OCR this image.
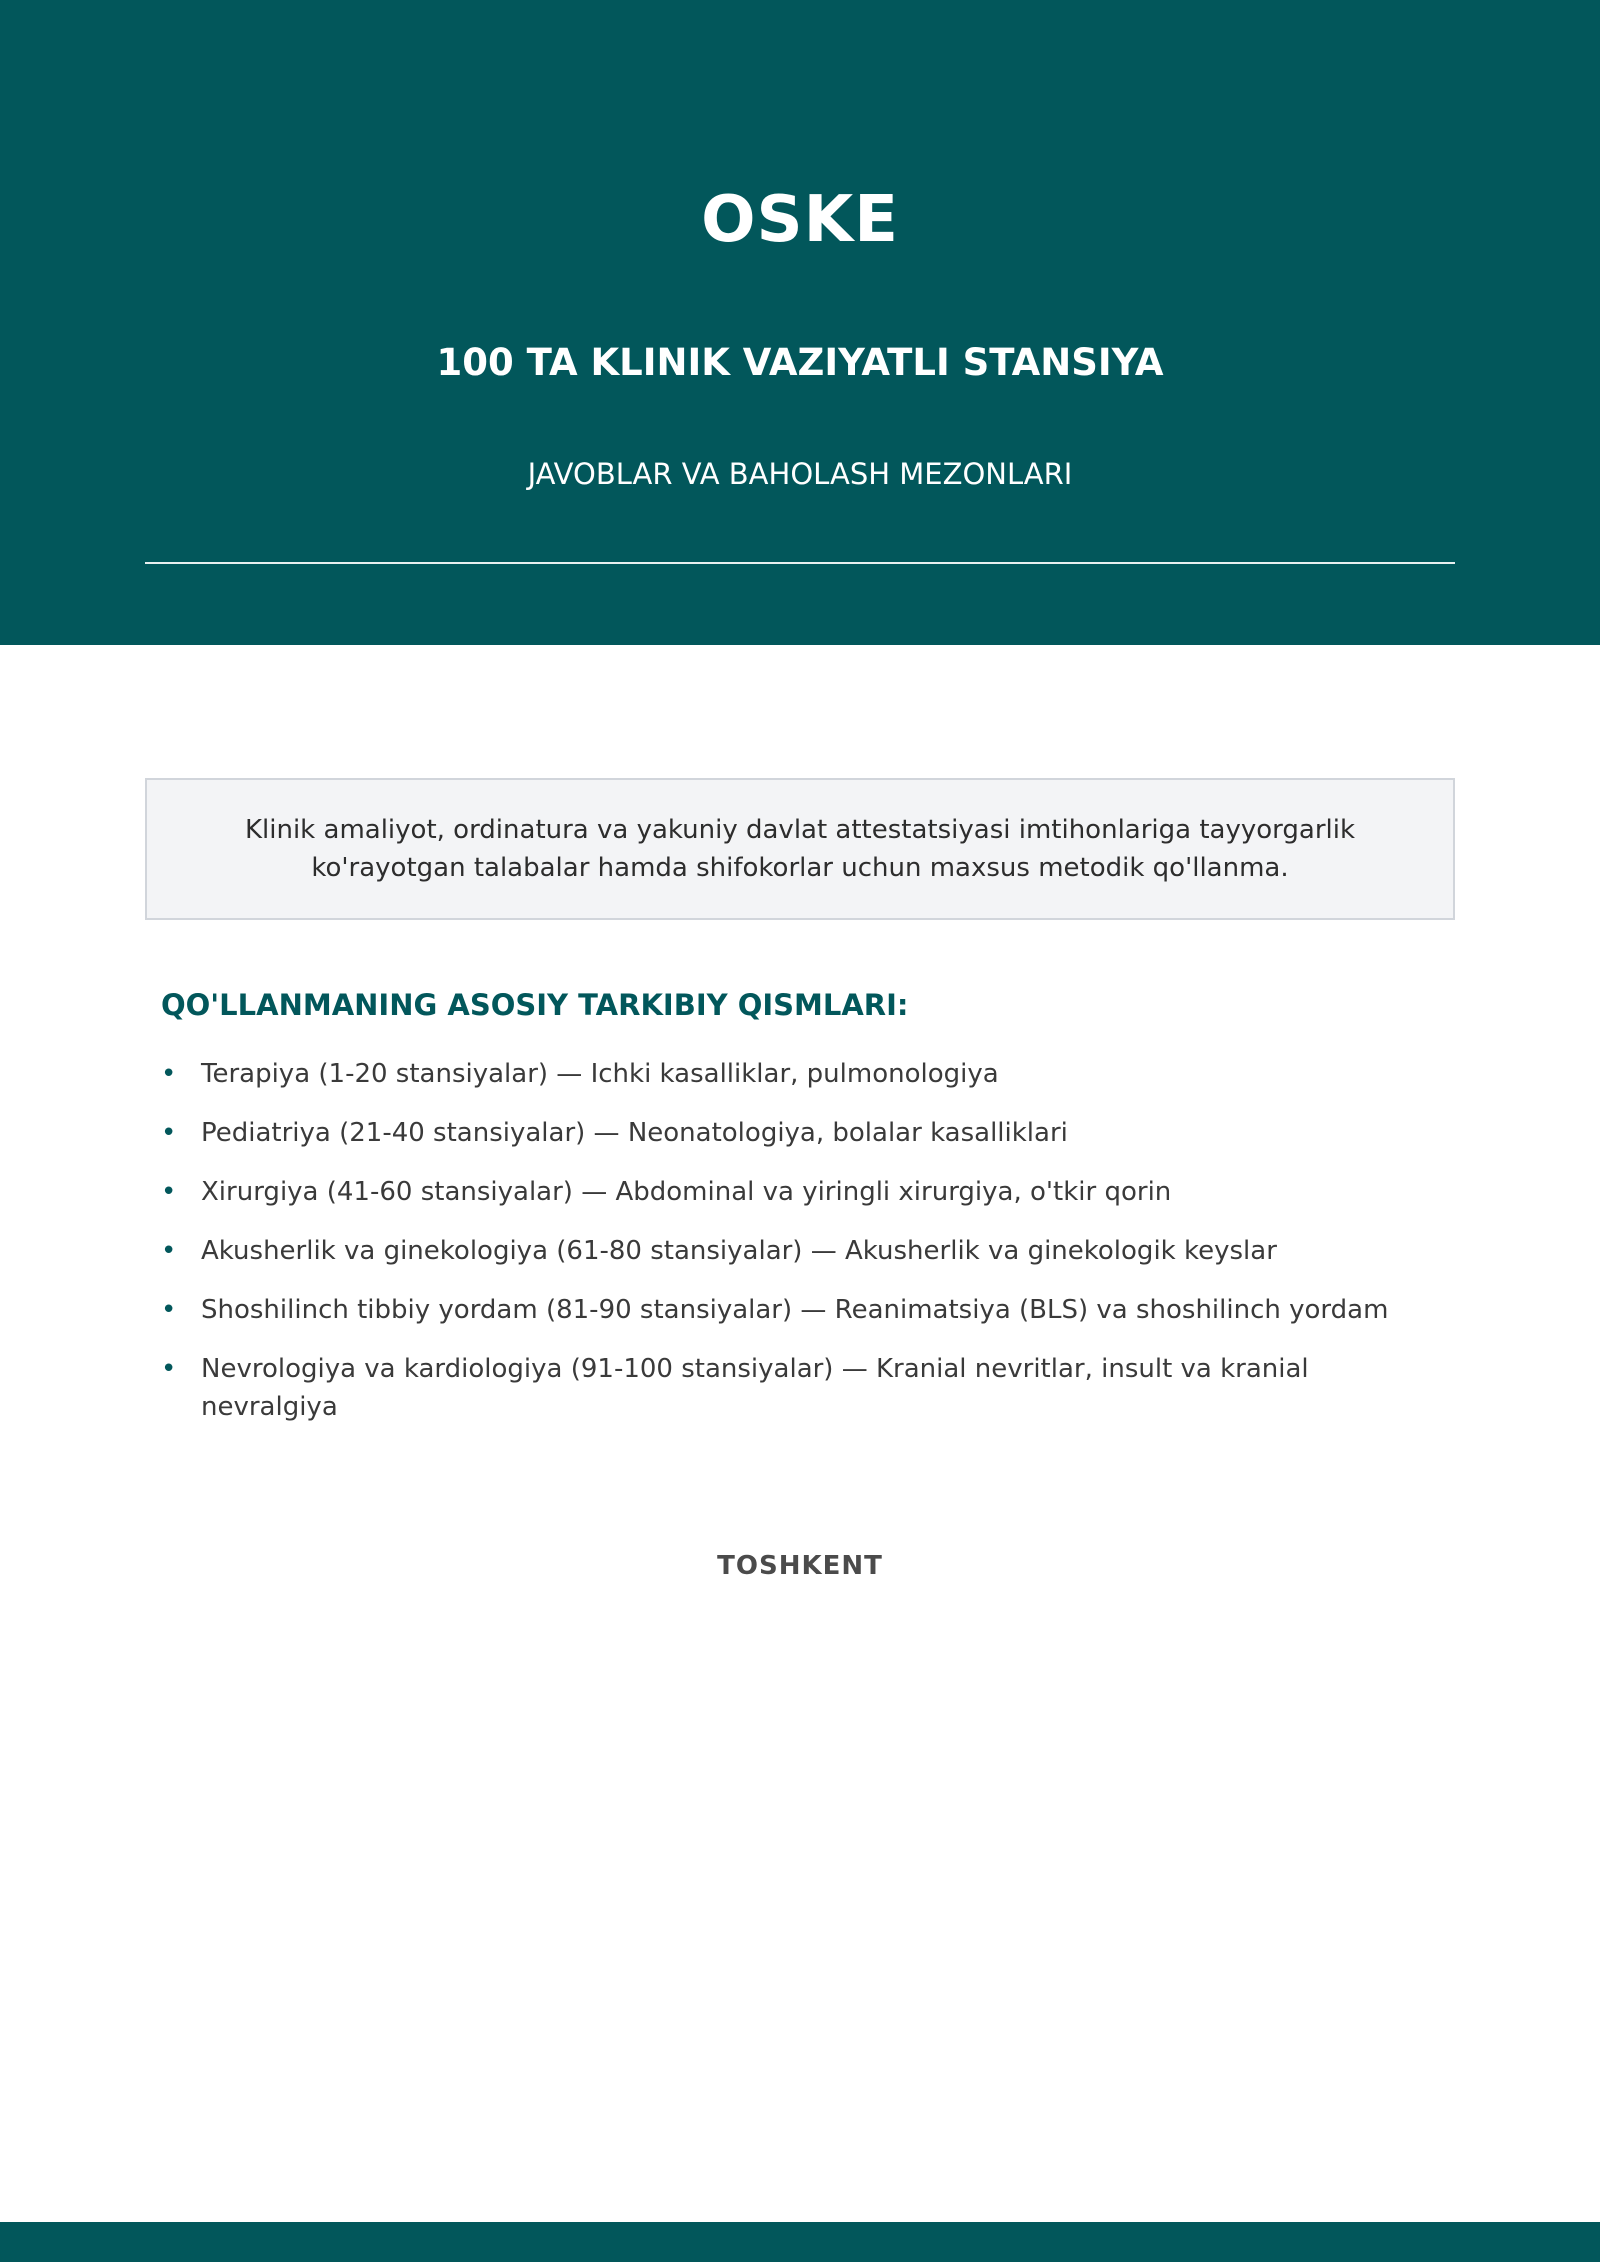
OSKE
100 TA KLINIK VAZIYATLI STANSIYA
JAVOBLAR VA BAHOLASH MEZONLARI
Klinik amaliyot, ordinatura va yakuniy davlat attestatsiyasi imtihonlariga tayyorgarlik ko'rayotgan talabalar hamda shifokorlar uchun maxsus metodik qo'llanma.
QO'LLANMANING ASOSIY TARKIBIY QISMLARI:
• Terapiya (1-20 stansiyalar) — Ichki kasalliklar, pulmonologiya
• Pediatriya (21-40 stansiyalar) — Neonatologiya, bolalar kasalliklari
• Xirurgiya (41-60 stansiyalar) — Abdominal va yiringli xirurgiya, o'tkir qorin
• Akusherlik va ginekologiya (61-80 stansiyalar) — Akusherlik va ginekologik keyslar
• Shoshilinch tibbiy yordam (81-90 stansiyalar) — Reanimatsiya (BLS) va shoshilinch yordam
• Nevrologiya va kardiologiya (91-100 stansiyalar) — Kranial nevritlar, insult va kranial nevralgiya
TOSHKENT
